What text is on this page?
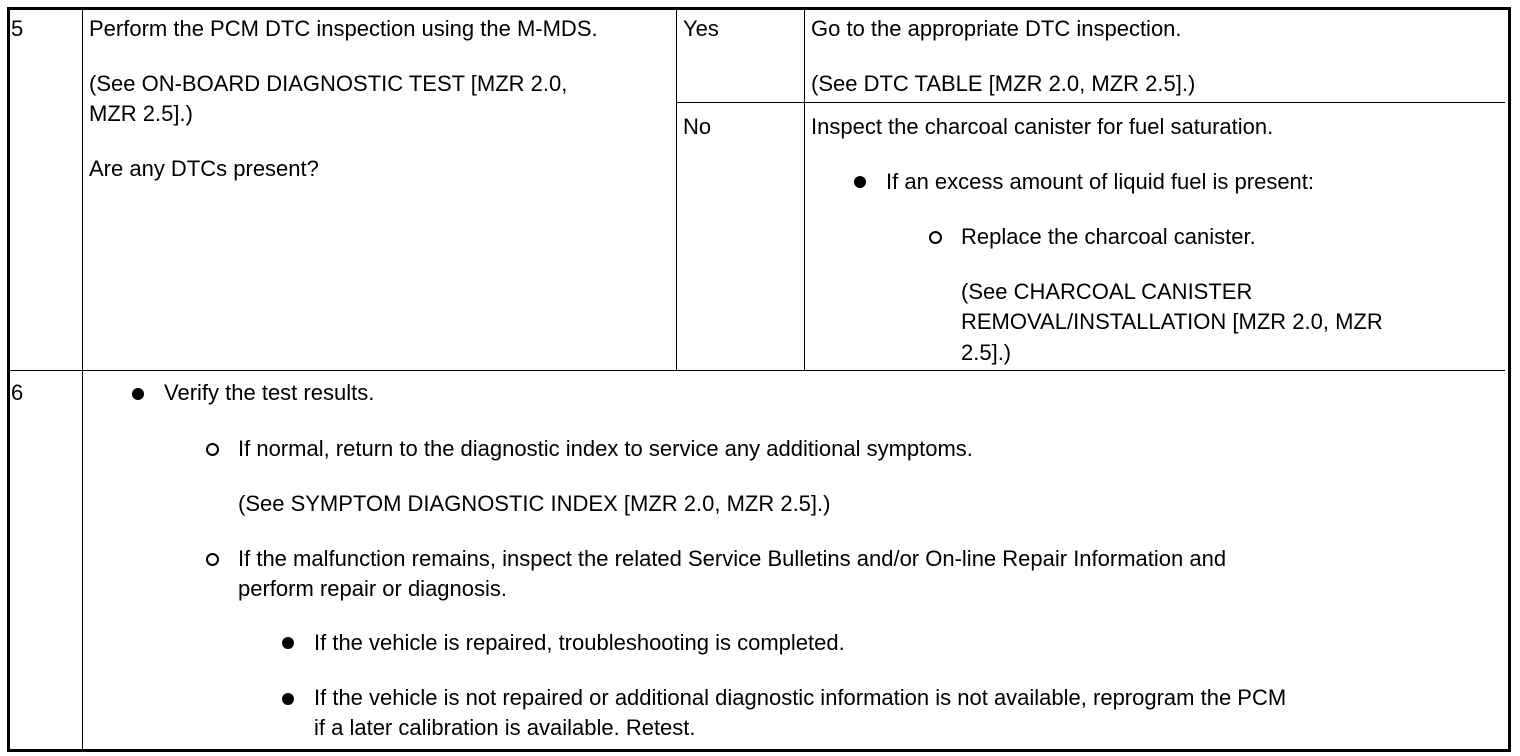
5	Perform the PCM DTC inspection using the M-MDS.
(See ON-BOARD DIAGNOSTIC TEST [MZR 2.0,
MZR 2.5].)
Are any DTCs present?
Yes	Go to the appropriate DTC inspection.
(See DTC TABLE [MZR 2.0, MZR 2.5].)
No	Inspect the charcoal canister for fuel saturation.
If an excess amount of liquid fuel is present:
Replace the charcoal canister.
(See CHARCOAL CANISTER
REMOVAL/INSTALLATION [MZR 2.0, MZR
2.5].)
6	Verify the test results.
If normal, return to the diagnostic index to service any additional symptoms.
(See SYMPTOM DIAGNOSTIC INDEX [MZR 2.0, MZR 2.5].)
If the malfunction remains, inspect the related Service Bulletins and/or On-line Repair Information and
perform repair or diagnosis.
If the vehicle is repaired, troubleshooting is completed.
If the vehicle is not repaired or additional diagnostic information is not available, reprogram the PCM
if a later calibration is available. Retest.
